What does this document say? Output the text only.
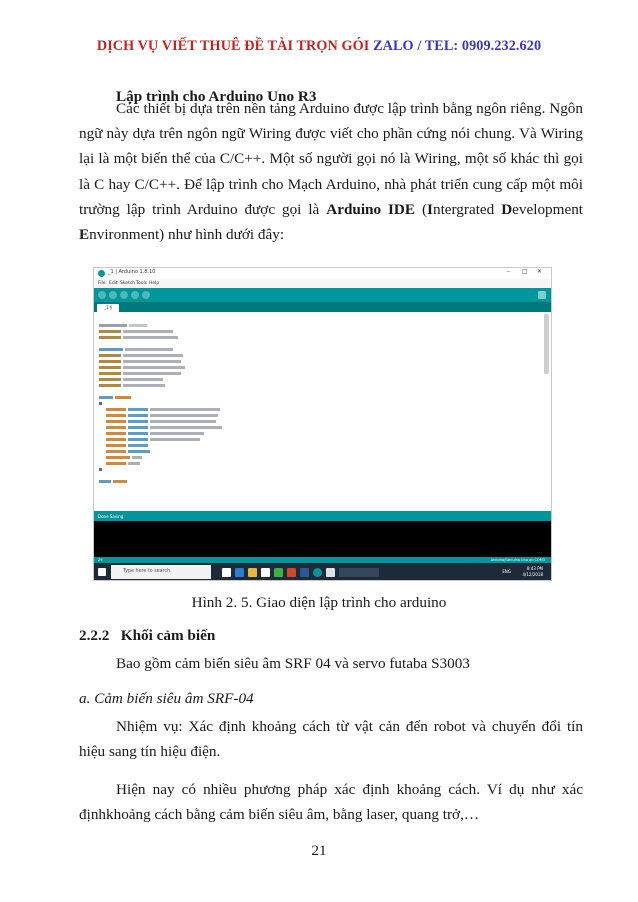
DỊCH VỤ VIẾT THUÊ ĐỀ TÀI TRỌN GÓI ZALO / TEL: 0909.232.620
Lập trình cho Arduino Uno R3
Các thiết bị dựa trên nền tảng Arduino được lập trình bằng ngôn riêng. Ngôn ngữ này dựa trên ngôn ngữ Wiring được viết cho phần cứng nói chung. Và Wiring lại là một biến thể của C/C++. Một số người gọi nó là Wiring, một số khác thì gọi là C hay C/C++. Để lập trình cho Mạch Arduino, nhà phát triển cung cấp một môi trường lập trình Arduino được gọi là Arduino IDE (Intergrated Development Environment) như hình dưới đây:
_1 | Arduino 1.8.10	– □ ✕
File Edit Sketch Tools Help
_1 §
Done Saving.
29	Arduino/Genuino Uno on COM3
Type here to search	ENG
8:43 PM
4/12/2018
Hình 2. 5. Giao diện lập trình cho arduino
2.2.2 Khối cảm biến
Bao gồm cảm biến siêu âm SRF 04 và servo futaba S3003
a. Cảm biến siêu âm SRF-04
Nhiệm vụ: Xác định khoảng cách từ vật cản đến robot và chuyển đổi tín hiệu sang tín hiệu điện.
Hiện nay có nhiều phương pháp xác định khoảng cách. Ví dụ như xác địnhkhoảng cách bằng cảm biến siêu âm, bằng laser, quang trở,…
21
